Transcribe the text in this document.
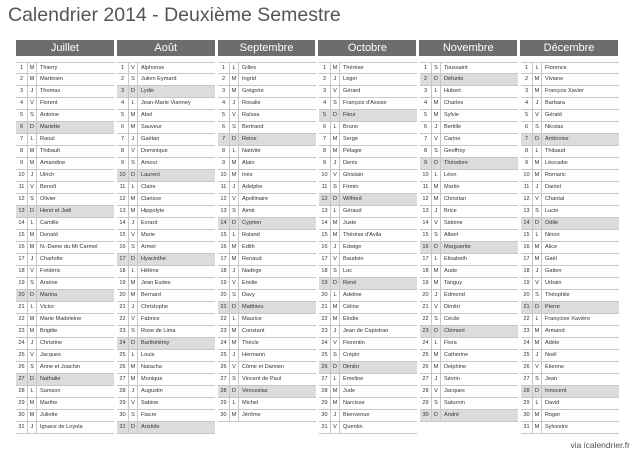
Calendrier 2014 - Deuxième Semestre
Juillet	Août	Septembre	Octobre	Novembre	Décembre
1	M	Thierry
2	M	Martinien
3	J	Thomas
4	V	Florent
5	S	Antoine
6	D	Mariette
7	L	Raoul
8	M	Thibault
9	M	Amandine
10	J	Ulrich
11	V	Benoît
12 S	Olivier
13 D	Henri et Joël
14	L	Camille
15 M	Donald
16 M	N.-Dame du Mt Carmel
17	J	Charlotte
18 V	Frédéric
19 S	Arsène
20 D	Marina
21	L	Victor
22 M	Marie Madeleine
23 M	Brigitte
24	J	Christine
25 V	Jacques
26 S	Anne et Joachin
27 D	Nathalie
28	L	Samson
29 M	Marthe
30 M	Juliette
31	J	Ignace de Loyola
1	V	Alphonse
2	S	Julien Eymard
3	D	Lydie
4	L	Jean-Marie Vianney
5	M	Abel
6	M	Sauveur
7	J	Gaëtan
8	V	Dominique
9	S	Amour
10 D	Laurent
11	L	Claire
12 M	Clarisse
13 M	Hippolyte
14	J	Evrard
15 V	Marie
16 S	Armel
17 D	Hyacinthe
18	L	Hélène
19 M	Jean Eudes
20 M	Bernard
21	J	Christophe
22 V	Fabrice
23 S	Rose de Lima
24 D	Barthélémy
25	L	Louis
26 M	Natacha
27 M	Monique
28	J	Augustin
29 V	Sabine
30 S	Fiacre
31 D	Aristide
1	L	Gilles
2	M	Ingrid
3	M	Grégoire
4	J	Rosalie
5	V	Raïssa
6	S	Bertrand
7	D	Reine
8	L	Nativité
9	M	Alain
10 M	Inès
11	J	Adelphe
12 V	Apollinaire
13 S	Aimé
14 D	Cyprien
15	L	Roland
16 M	Edith
17 M	Renaud
18	J	Nadège
19 V	Emilie
20 S	Davy
21 D	Matthieu
22	L	Maurice
23 M	Constant
24 M	Thècle
25	J	Hermann
26 V	Côme et Damien
27 S	Vincent de Paul
28 D	Venceslas
29	L	Michel
30 M	Jérôme
1	M	Thérèse
2	J	Léger
3	V	Gérard
4	S	François d'Assise
5	D	Fleur
6	L	Bruno
7	M	Serge
8	M	Pélagie
9	J	Denis
10 V	Ghislain
11	S	Firmin
12 D	Wilfried
13	L	Géraud
14 M	Juste
15 M	Thérèse d'Avila
16	J	Edwige
17 V	Baudoin
18 S	Luc
19 D	René
20	L	Adeline
21 M	Céline
22 M	Elodie
23	J	Jean de Capistran
24 V	Florentin
25 S	Crépin
26 D	Dimitri
27	L	Emeline
28 M	Jude
29 M	Narcisse
30	J	Bienvenue
31 V	Quentin
1	S	Toussaint
2	D	Défunts
3	L	Hubert
4	M	Charles
5	M	Sylvie
6	J	Bertille
7	V	Carine
8	S	Geoffroy
9	D	Théodore
10	L	Léon
11 M	Martin
12 M	Christian
13	J	Brice
14 V	Sidoine
15 S	Albert
16 D	Marguerite
17	L	Elisabeth
18 M	Aude
19 M	Tanguy
20	J	Edmond
21 V	Dimitri
22 S	Cécile
23 D	Clément
24	L	Flora
25 M	Catherine
26 M	Delphine
27	J	Sévrin
28 V	Jacques
29 S	Saturnin
30 D	André
1	L	Florence
2	M	Viviane
3	M	François Xavier
4	J	Barbara
5	V	Gérald
6	S	Nicolas
7	D	Ambroise
8	L	Thibaud
9	M	Léocadie
10 M	Romaric
11	J	Daniel
12 V	Chantal
13 S	Lucie
14 D	Odile
15	L	Ninon
16 M	Alice
17 M	Gaël
18	J	Gatien
19 V	Urbain
20 S	Théophile
21 D	Pierre
22	L	Françoise Xavière
23 M	Armand
24 M	Adèle
25	J	Noël
26 V	Etienne
27 S	Jean
28 D	Innocent
29	L	David
30 M	Roger
31 M	Sylvestre
via icalendrier.fr
